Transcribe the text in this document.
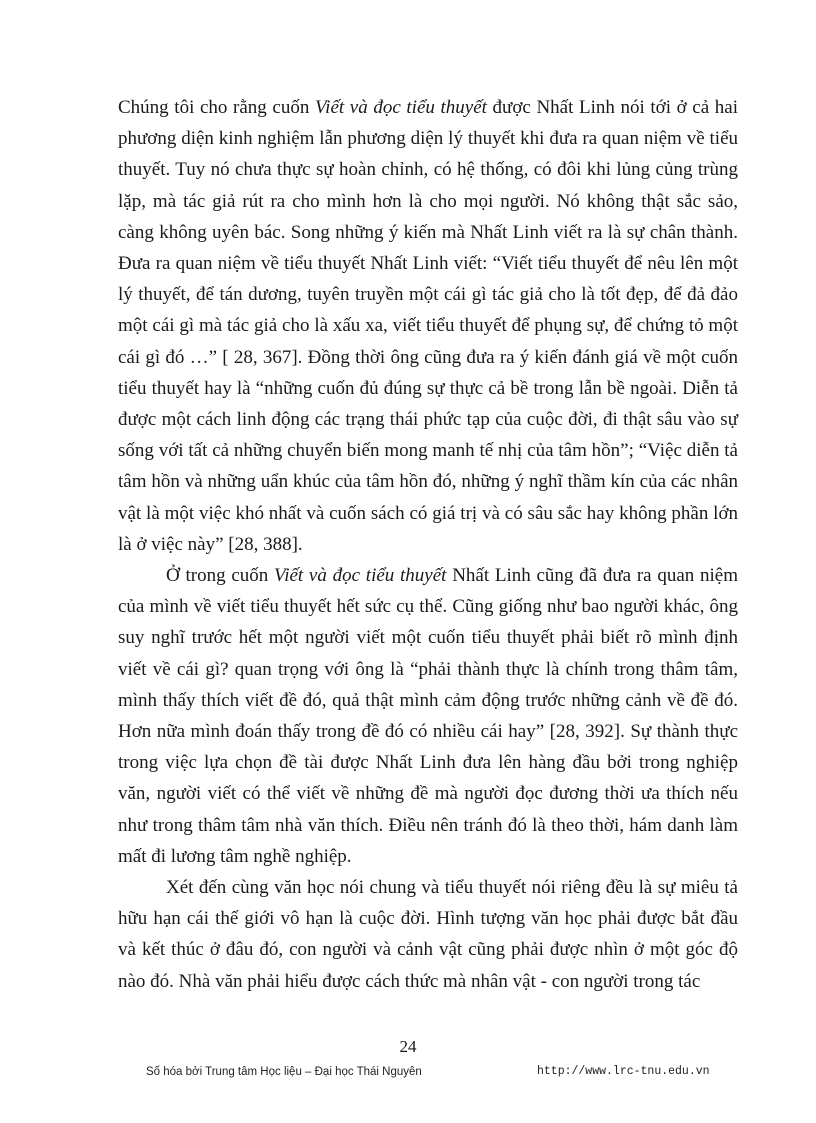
Chúng tôi cho rằng cuốn Viết và đọc tiểu thuyết được Nhất Linh nói tới ở cả hai phương diện kinh nghiệm lẫn phương diện lý thuyết khi đưa ra quan niệm về tiểu thuyết. Tuy nó chưa thực sự hoàn chỉnh, có hệ thống, có đôi khi lủng củng trùng lặp, mà tác giả rút ra cho mình hơn là cho mọi người. Nó không thật sắc sảo, càng không uyên bác. Song những ý kiến mà Nhất Linh viết ra là sự chân thành. Đưa ra quan niệm về tiểu thuyết Nhất Linh viết: “Viết tiểu thuyết để nêu lên một lý thuyết, để tán dương, tuyên truyền một cái gì tác giả cho là tốt đẹp, để đả đảo một cái gì mà tác giả cho là xấu xa, viết tiểu thuyết để phụng sự, để chứng tỏ một cái gì đó …” [ 28, 367]. Đồng thời ông cũng đưa ra ý kiến đánh giá về một cuốn tiểu thuyết hay là “những cuốn đủ đúng sự thực cả bề trong lẫn bề ngoài. Diễn tả được một cách linh động các trạng thái phức tạp của cuộc đời, đi thật sâu vào sự sống với tất cả những chuyển biến mong manh tế nhị của tâm hồn”; “Việc diễn tả tâm hồn và những uẩn khúc của tâm hồn đó, những ý nghĩ thầm kín của các nhân vật là một việc khó nhất và cuốn sách có giá trị và có sâu sắc hay không phần lớn là ở việc này” [28, 388].

Ở trong cuốn Viết và đọc tiểu thuyết Nhất Linh cũng đã đưa ra quan niệm của mình về viết tiểu thuyết hết sức cụ thể. Cũng giống như bao người khác, ông suy nghĩ trước hết một người viết một cuốn tiểu thuyết phải biết rõ mình định viết về cái gì? quan trọng với ông là “phải thành thực là chính trong thâm tâm, mình thấy thích viết đề đó, quả thật mình cảm động trước những cảnh về đề đó. Hơn nữa mình đoán thấy trong đề đó có nhiều cái hay” [28, 392]. Sự thành thực trong việc lựa chọn đề tài được Nhất Linh đưa lên hàng đầu bởi trong nghiệp văn, người viết có thể viết về những đề mà người đọc đương thời ưa thích nếu như trong thâm tâm nhà văn thích. Điều nên tránh đó là theo thời, hám danh làm mất đi lương tâm nghề nghiệp.

Xét đến cùng văn học nói chung và tiểu thuyết nói riêng đều là sự miêu tả hữu hạn cái thế giới vô hạn là cuộc đời. Hình tượng văn học phải được bắt đầu và kết thúc ở đâu đó, con người và cảnh vật cũng phải được nhìn ở một góc độ nào đó. Nhà văn phải hiểu được cách thức mà nhân vật - con người trong tác

24
Số hóa bởi Trung tâm Học liệu – Đại học Thái Nguyên	http://www.lrc-tnu.edu.vn
